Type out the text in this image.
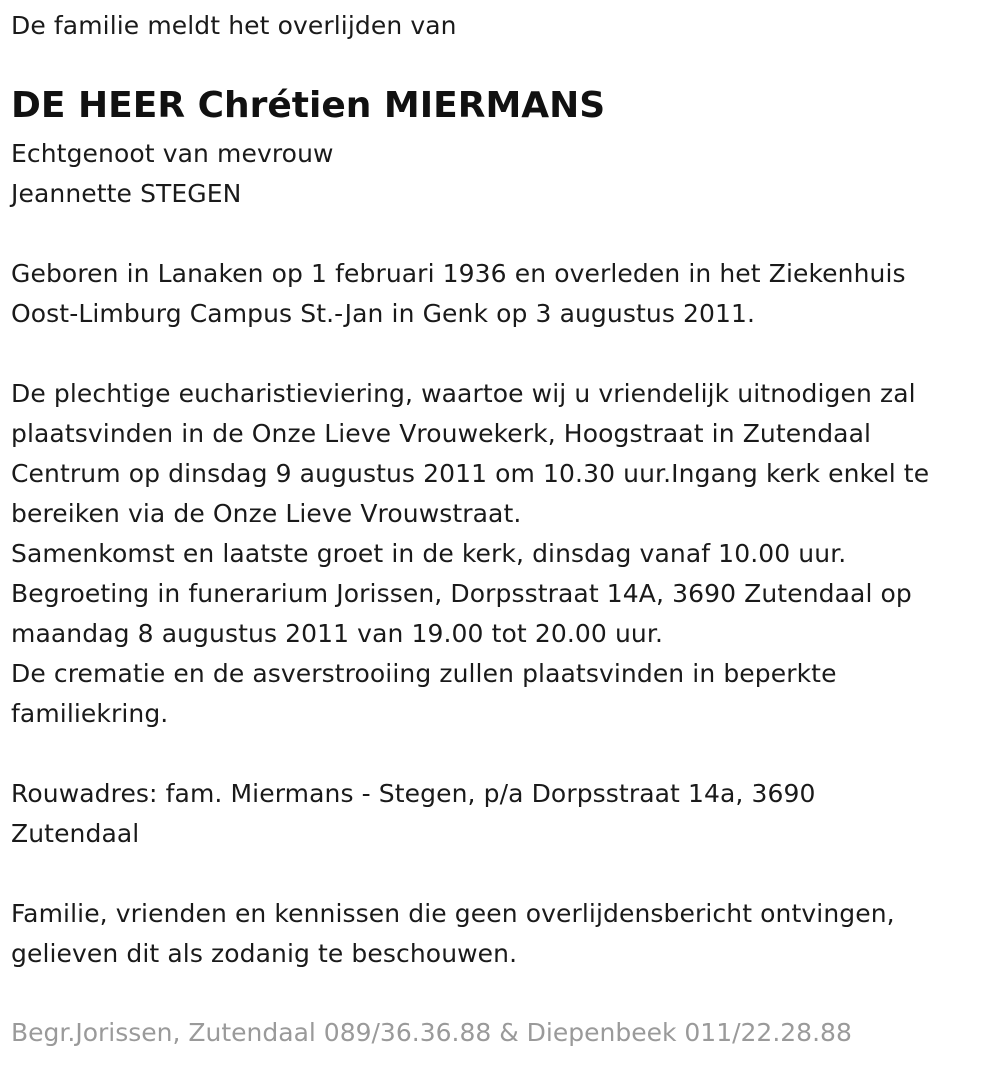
De familie meldt het overlijden van
DE HEER Chrétien MIERMANS
Echtgenoot van mevrouw
Jeannette STEGEN
Geboren in Lanaken op 1 februari 1936 en overleden in het Ziekenhuis
Oost-Limburg Campus St.-Jan in Genk op 3 augustus 2011.
De plechtige eucharistieviering, waartoe wij u vriendelijk uitnodigen zal
plaatsvinden in de Onze Lieve Vrouwekerk, Hoogstraat in Zutendaal
Centrum op dinsdag 9 augustus 2011 om 10.30 uur.Ingang kerk enkel te
bereiken via de Onze Lieve Vrouwstraat.
Samenkomst en laatste groet in de kerk, dinsdag vanaf 10.00 uur.
Begroeting in funerarium Jorissen, Dorpsstraat 14A, 3690 Zutendaal op
maandag 8 augustus 2011 van 19.00 tot 20.00 uur.
De crematie en de asverstrooiing zullen plaatsvinden in beperkte
familiekring.
Rouwadres: fam. Miermans - Stegen, p/a Dorpsstraat 14a, 3690
Zutendaal
Familie, vrienden en kennissen die geen overlijdensbericht ontvingen,
gelieven dit als zodanig te beschouwen.
Begr.Jorissen, Zutendaal 089/36.36.88 & Diepenbeek 011/22.28.88
